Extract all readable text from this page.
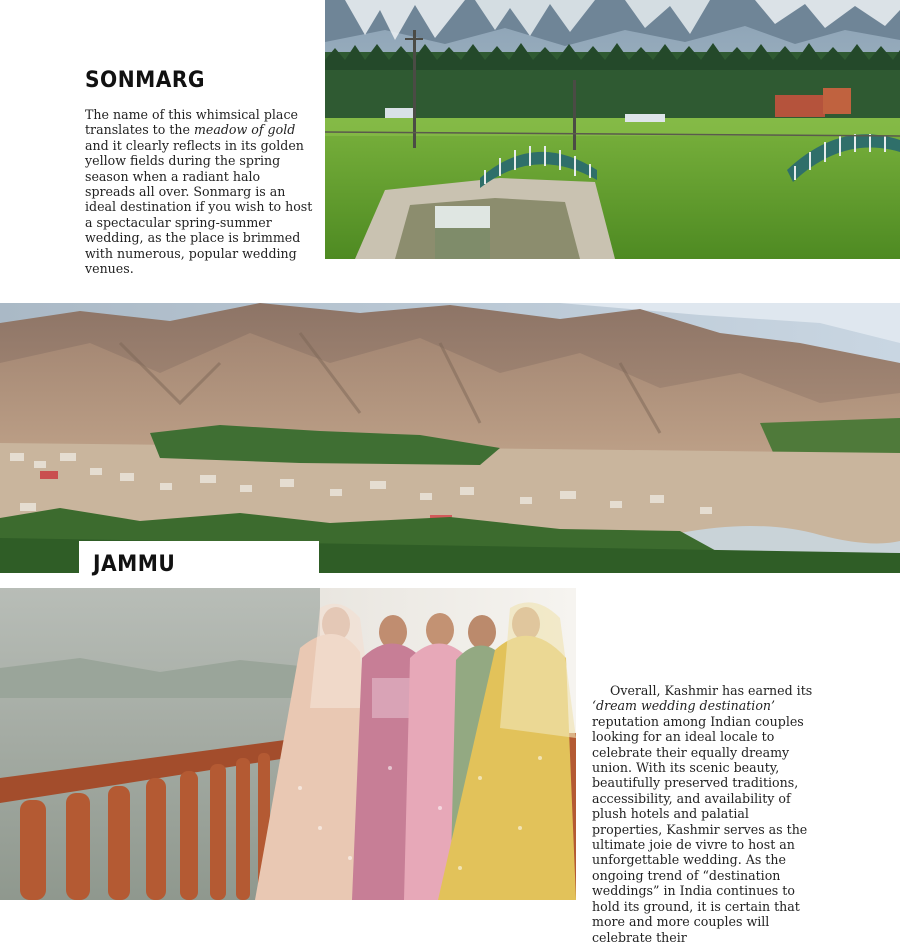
SONMARG

The name of this whimsical place translates to the meadow of gold and it clearly reflects in its golden yellow fields during the spring season when a radiant halo spreads all over. Sonmarg is an ideal destination if you wish to host a spectacular spring-summer wedding, as the place is brimmed with numerous, popular wedding venues.

JAMMU

Overall, Kashmir has earned its ‘dream wedding destination’ reputation among Indian couples looking for an ideal locale to celebrate their equally dreamy union. With its scenic beauty, beautifully preserved traditions, accessibility, and availability of plush hotels and palatial properties, Kashmir serves as the ultimate joie de vivre to host an unforgettable wedding. As the ongoing trend of “destination weddings” in India continues to hold its ground, it is certain that more and more couples will celebrate their
